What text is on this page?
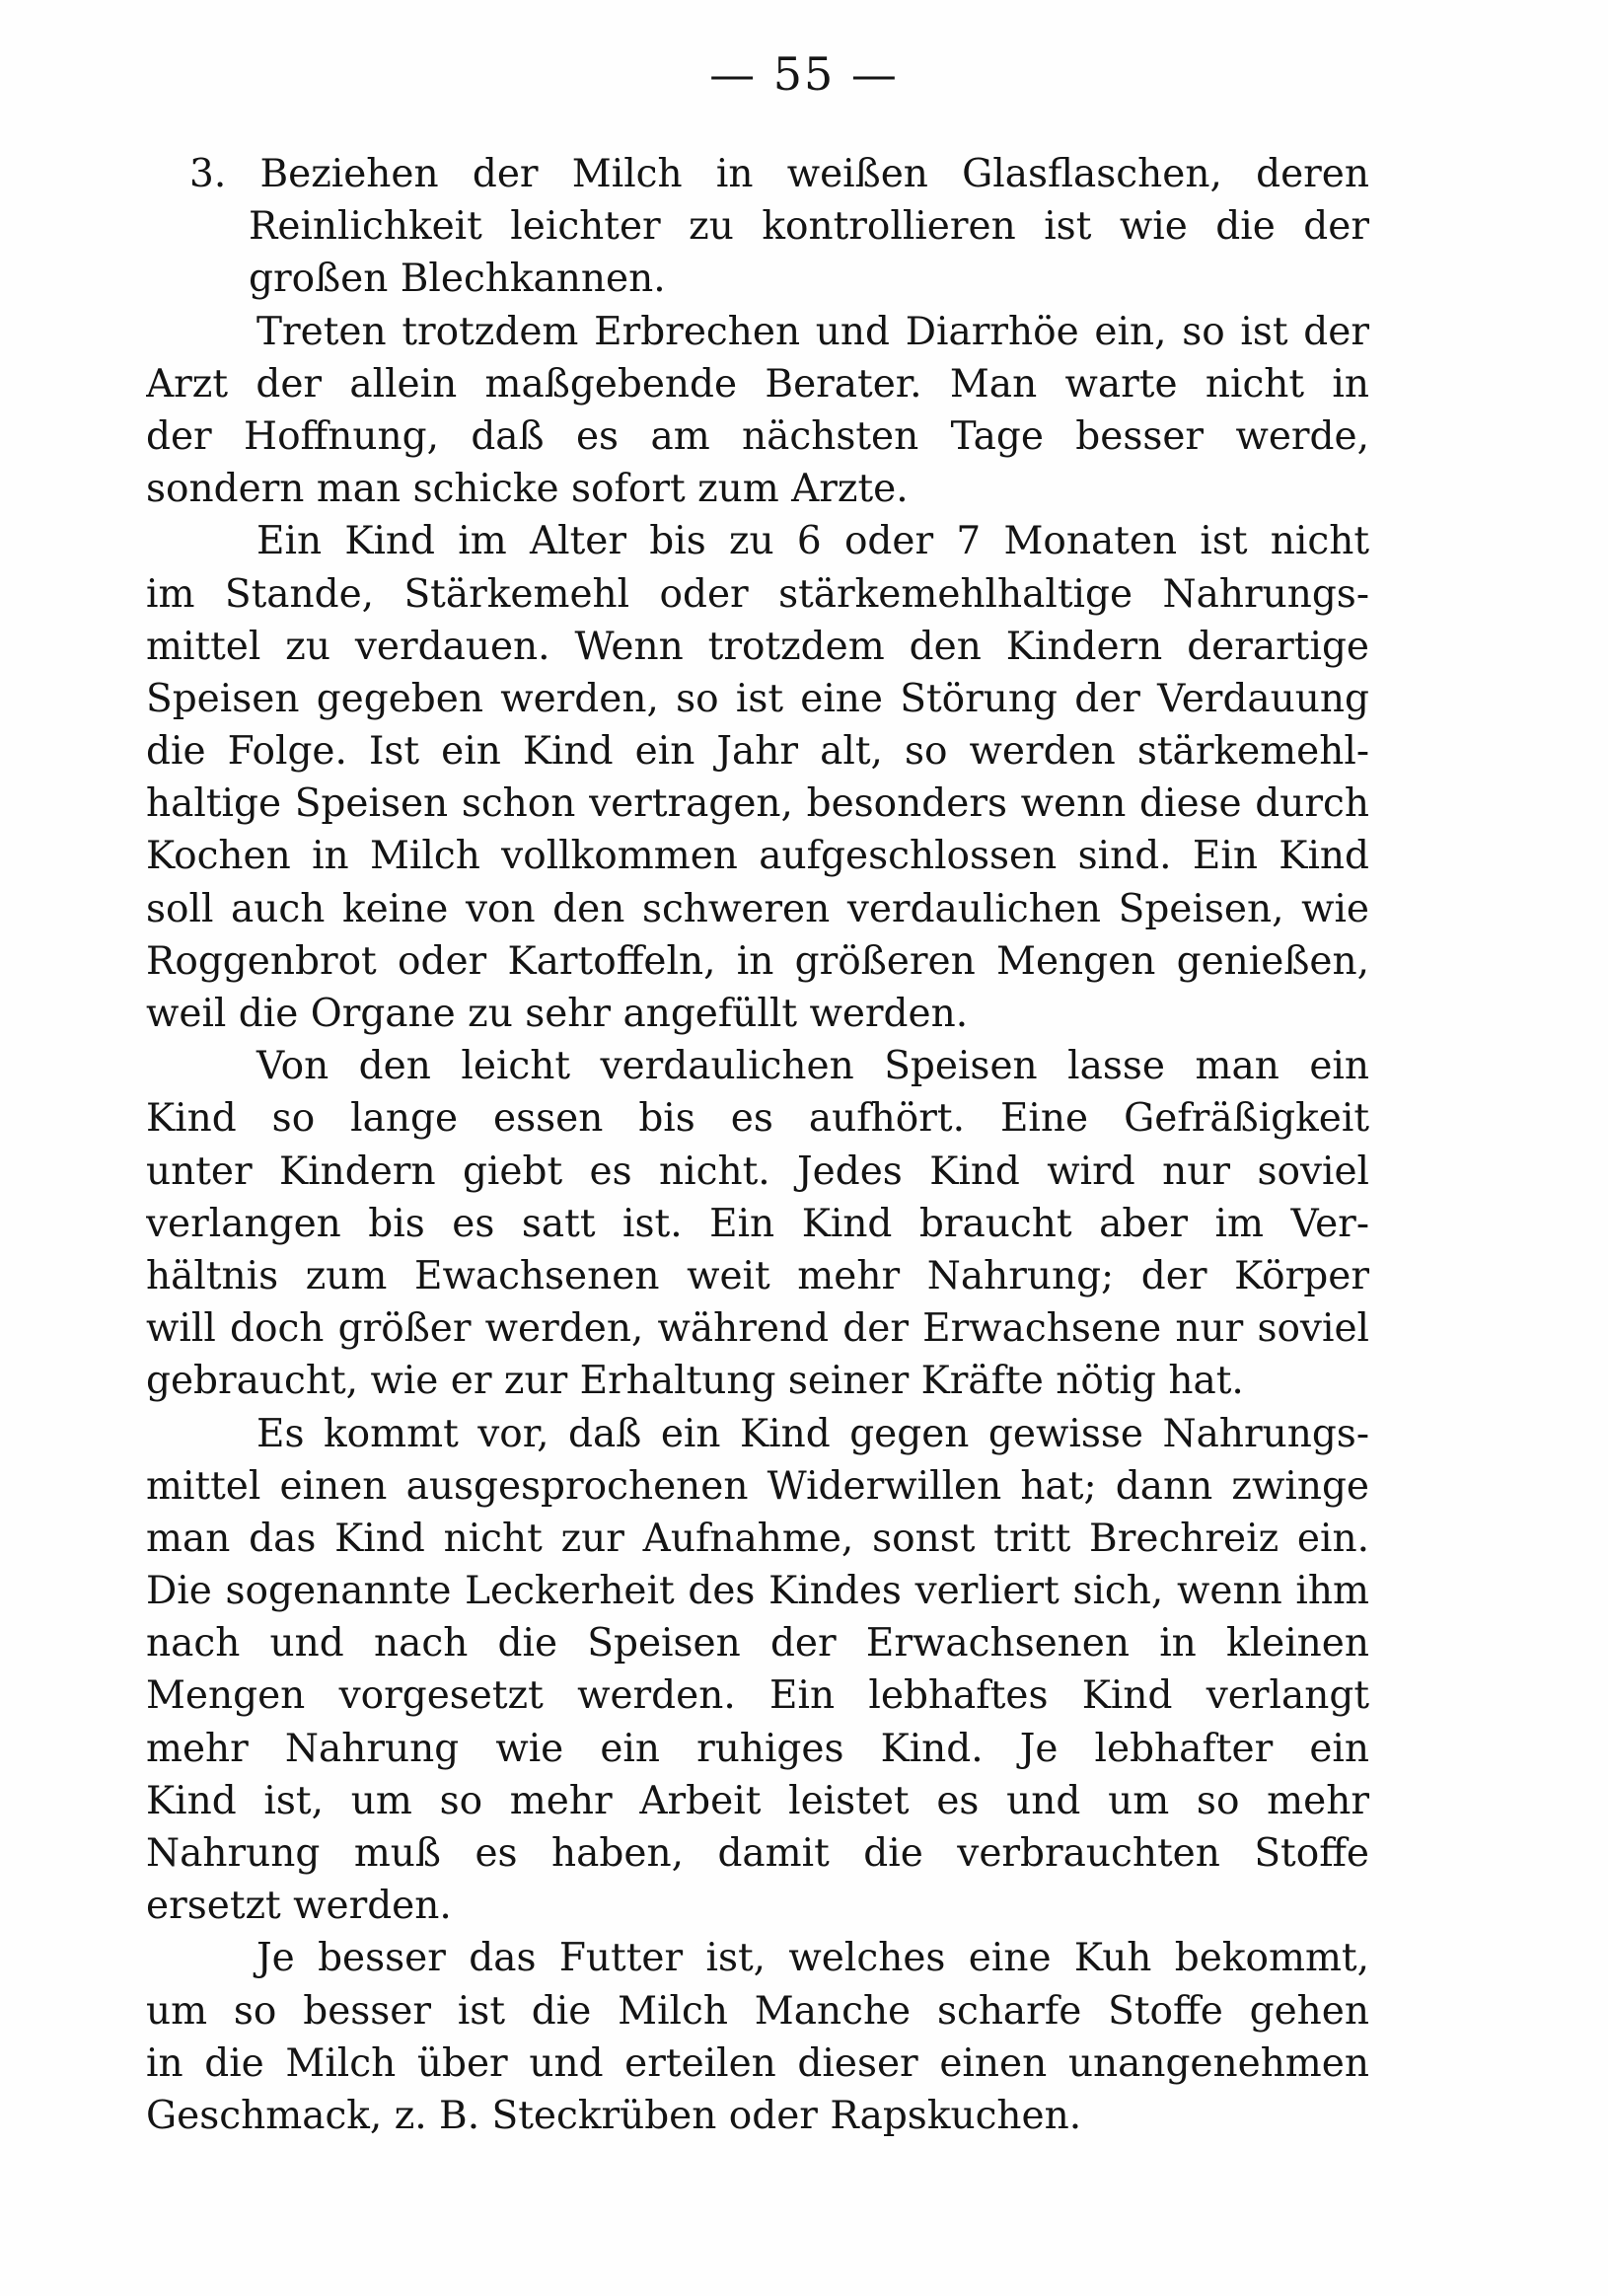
— 55 —
3. Beziehen der Milch in weißen Glasflaschen, deren
Reinlichkeit leichter zu kontrollieren ist wie die der
großen Blechkannen.
Treten trotzdem Erbrechen und Diarrhöe ein, so ist der
Arzt der allein maßgebende Berater. Man warte nicht in
der Hoffnung, daß es am nächsten Tage besser werde,
sondern man schicke sofort zum Arzte.
Ein Kind im Alter bis zu 6 oder 7 Monaten ist nicht
im Stande, Stärkemehl oder stärkemehlhaltige Nahrungs-
mittel zu verdauen. Wenn trotzdem den Kindern derartige
Speisen gegeben werden, so ist eine Störung der Verdauung
die Folge. Ist ein Kind ein Jahr alt, so werden stärkemehl-
haltige Speisen schon vertragen, besonders wenn diese durch
Kochen in Milch vollkommen aufgeschlossen sind. Ein Kind
soll auch keine von den schweren verdaulichen Speisen, wie
Roggenbrot oder Kartoffeln, in größeren Mengen genießen,
weil die Organe zu sehr angefüllt werden.
Von den leicht verdaulichen Speisen lasse man ein
Kind so lange essen bis es aufhört. Eine Gefräßigkeit
unter Kindern giebt es nicht. Jedes Kind wird nur soviel
verlangen bis es satt ist. Ein Kind braucht aber im Ver-
hältnis zum Ewachsenen weit mehr Nahrung; der Körper
will doch größer werden, während der Erwachsene nur soviel
gebraucht, wie er zur Erhaltung seiner Kräfte nötig hat.
Es kommt vor, daß ein Kind gegen gewisse Nahrungs-
mittel einen ausgesprochenen Widerwillen hat; dann zwinge
man das Kind nicht zur Aufnahme, sonst tritt Brechreiz ein.
Die sogenannte Leckerheit des Kindes verliert sich, wenn ihm
nach und nach die Speisen der Erwachsenen in kleinen
Mengen vorgesetzt werden. Ein lebhaftes Kind verlangt
mehr Nahrung wie ein ruhiges Kind. Je lebhafter ein
Kind ist, um so mehr Arbeit leistet es und um so mehr
Nahrung muß es haben, damit die verbrauchten Stoffe
ersetzt werden.
Je besser das Futter ist, welches eine Kuh bekommt,
um so besser ist die Milch Manche scharfe Stoffe gehen
in die Milch über und erteilen dieser einen unangenehmen
Geschmack, z. B. Steckrüben oder Rapskuchen.
